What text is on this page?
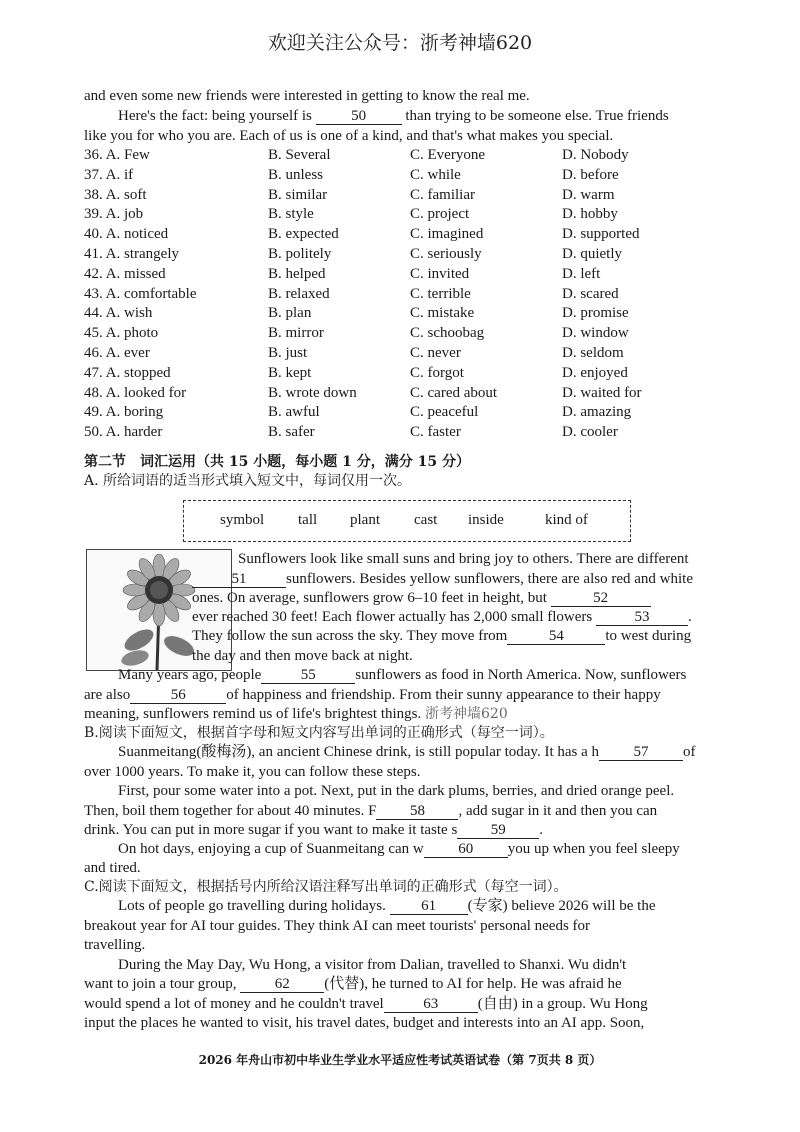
欢迎关注公众号：浙考神墙620
and even some new friends were interested in getting to know the real me.
Here's the fact: being yourself is	50	than trying to be someone else. True friends
like you for who you are. Each of us is one of a kind, and that's what makes you special.
36. A. Few	B. Several	C. Everyone	D. Nobody
37. A. if	B. unless	C. while	D. before
38. A. soft	B. similar	C. familiar	D. warm
39. A. job	B. style	C. project	D. hobby
40. A. noticed	B. expected	C. imagined	D. supported
41. A. strangely	B. politely	C. seriously	D. quietly
42. A. missed	B. helped	C. invited	D. left
43. A. comfortable	B. relaxed	C. terrible	D. scared
44. A. wish	B. plan	C. mistake	D. promise
45. A. photo	B. mirror	C. schoobag	D. window
46. A. ever	B. just	C. never	D. seldom
47. A. stopped	B. kept	C. forgot	D. enjoyed
48. A. looked for	B. wrote down	C. cared about	D. waited for
49. A. boring	B. awful	C. peaceful	D. amazing
50. A. harder	B. safer	C. faster	D. cooler
第二节　词汇运用（共 15 小题，每小题 1 分，满分 15 分）
A. 所给词语的适当形式填入短文中，每词仅用一次。
symbol tall plant cast inside	kind of
Sunflowers look like small suns and bring joy to others. There are different
51	sunflowers. Besides yellow sunflowers, there are also red and white
ones. On average, sunflowers grow 6–10 feet in height, but	52
ever reached 30 feet! Each flower actually has 2,000 small flowers	53	.
They follow the sun across the sky. They move from	54	to west during
the day and then move back at night.
Many years ago, people	55	sunflowers as food in North America. Now, sunflowers
are also	56	of happiness and friendship. From their sunny appearance to their happy
meaning, sunflowers remind us of life's brightest things. 浙考神墙620
B.阅读下面短文，根据首字母和短文内容写出单词的正确形式（每空一词）。
Suanmeitang(酸梅汤), an ancient Chinese drink, is still popular today. It has a h 57 of
over 1000 years. To make it, you can follow these steps.
First, pour some water into a pot. Next, put in the dark plums, berries, and dried orange peel.
Then, boil them together for about 40 minutes. F 58 , add sugar in it and then you can
drink. You can put in more sugar if you want to make it taste s 59 .
On hot days, enjoying a cup of Suanmeitang can w 60 you up when you feel sleepy
and tired.
C.阅读下面短文，根据括号内所给汉语注释写出单词的正确形式（每空一词）。
Lots of people go travelling during holidays. 61 (专家) believe 2026 will be the
breakout year for AI tour guides. They think AI can meet tourists' personal needs for
travelling.
During the May Day, Wu Hong, a visitor from Dalian, travelled to Shanxi. Wu didn't
want to join a tour group,	62 (代替), he turned to AI for help. He was afraid he
would spend a lot of money and he couldn't travel	63	(自由) in a group. Wu Hong
input the places he wanted to visit, his travel dates, budget and interests into an AI app. Soon,
2026 年舟山市初中毕业生学业水平适应性考试英语试卷（第 7页共 8 页）
